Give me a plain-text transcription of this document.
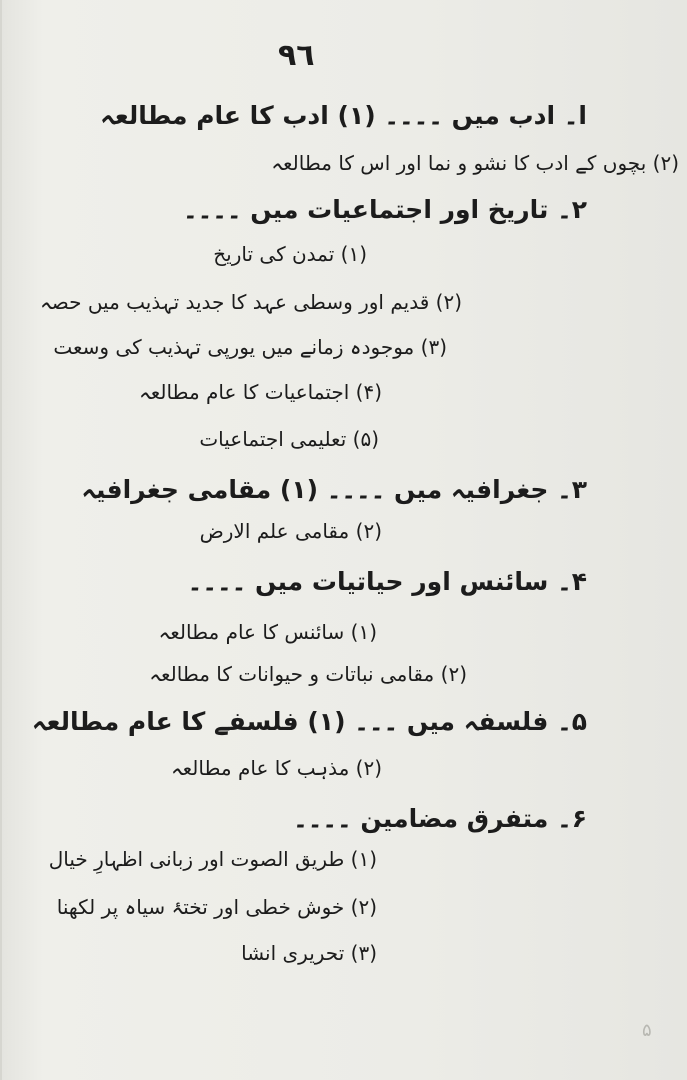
٩٦
ا۔ ادب میں ۔۔۔۔ (۱) ادب کا عام مطالعہ
(۲) بچوں کے ادب کا نشو و نما اور اس کا مطالعہ
۲۔ تاریخ اور اجتماعیات میں ۔۔۔۔
(۱) تمدن کی تاریخ
(۲) قدیم اور وسطی عہد کا جدید تہذیب میں حصہ
(۳) موجودہ زمانے میں یورپی تہذیب کی وسعت
(۴) اجتماعیات کا عام مطالعہ
(۵) تعلیمی اجتماعیات
۳۔ جغرافیہ میں ۔۔۔۔ (۱) مقامی جغرافیہ
(۲) مقامی علم الارض
۴۔ سائنس اور حیاتیات میں ۔۔۔۔
(۱) سائنس کا عام مطالعہ
(۲) مقامی نباتات و حیوانات کا مطالعہ
۵۔ فلسفہ میں ۔۔۔ (۱) فلسفے کا عام مطالعہ
(۲) مذہب کا عام مطالعہ
۶۔ متفرق مضامین ۔۔۔۔
(۱) طریق الصوت اور زبانی اظہارِ خیال
(۲) خوش خطی اور تختۂ سیاہ پر لکھنا
(۳) تحریری انشا
۵
